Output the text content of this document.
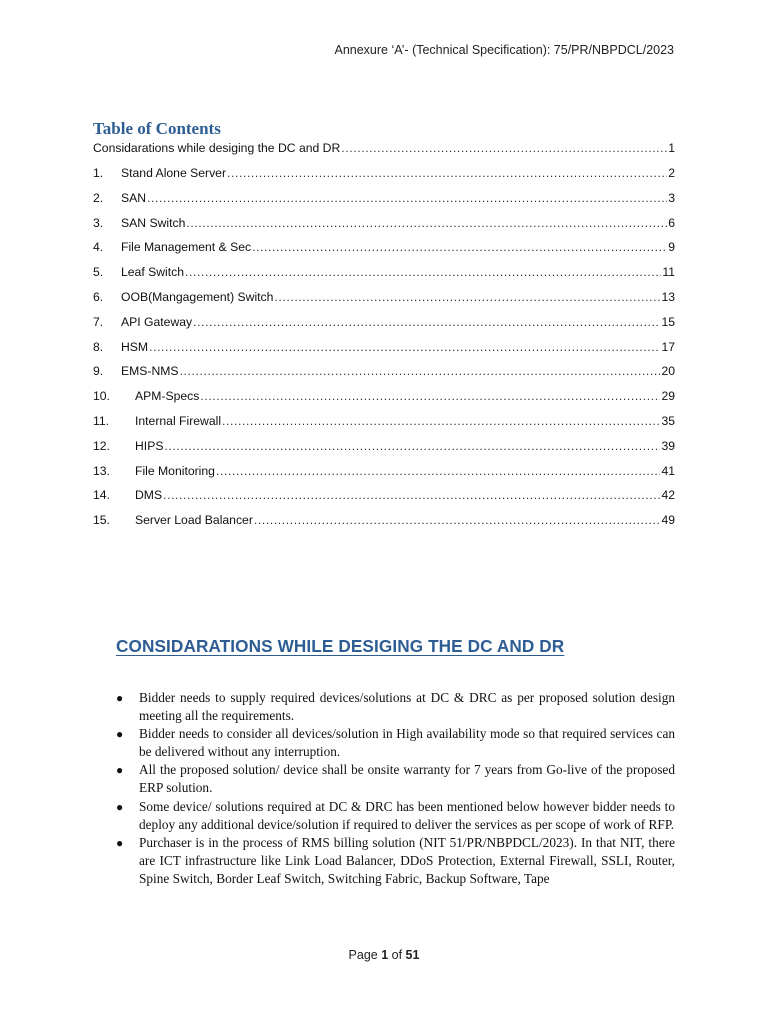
Annexure ‘A’- (Technical Specification): 75/PR/NBPDCL/2023
Table of Contents
Considarations while desiging the DC and DR .....	1
1.	Stand Alone Server .....	2
2.	SAN .....	3
3.	SAN Switch .....	6
4.	File Management & Sec .....	9
5.	Leaf Switch .....	11
6.	OOB(Mangagement) Switch .....	13
7.	API Gateway .....	15
8.	HSM .....	17
9.	EMS-NMS .....	20
10.	APM-Specs .....	29
11.	Internal Firewall .....	35
12.	HIPS .....	39
13.	File Monitoring .....	41
14.	DMS .....	42
15.	Server Load Balancer .....	49
CONSIDARATIONS WHILE DESIGING THE DC AND DR
● Bidder needs to supply required devices/solutions at DC & DRC as per proposed solution design meeting all the requirements.
● Bidder needs to consider all devices/solution in High availability mode so that required services can be delivered without any interruption.
● All the proposed solution/ device shall be onsite warranty for 7 years from Go-live of the proposed ERP solution.
● Some device/ solutions required at DC & DRC has been mentioned below however bidder needs to deploy any additional device/solution if required to deliver the services as per scope of work of RFP.
● Purchaser is in the process of RMS billing solution (NIT 51/PR/NBPDCL/2023). In that NIT, there are ICT infrastructure like Link Load Balancer, DDoS Protection, External Firewall, SSLI, Router, Spine Switch, Border Leaf Switch, Switching Fabric, Backup Software, Tape
Page 1 of 51
